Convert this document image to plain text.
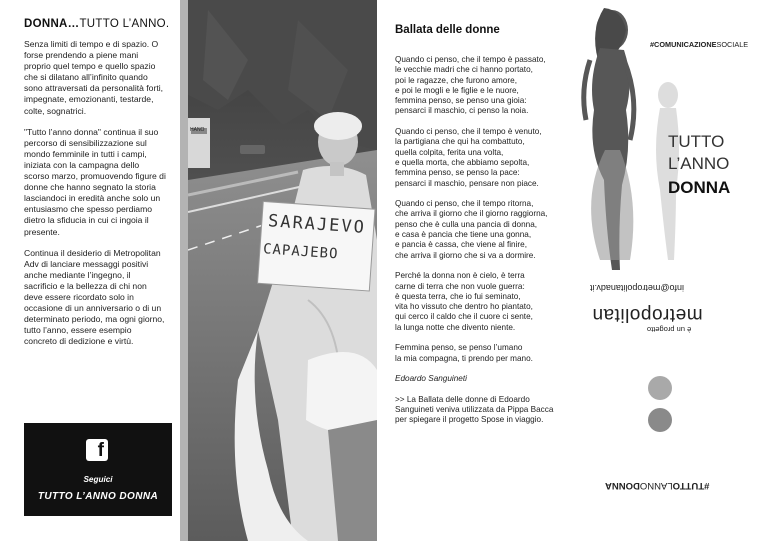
DONNA…TUTTO L’ANNO.

Senza limiti di tempo e di spazio. O forse prendendo a piene mani proprio quel tempo e quello spazio che si dilatano all’infinito quando sono attraversati da personalità forti, impegnate, emozionanti, testarde, colte, sognatrici.

"Tutto l’anno donna" continua il suo percorso di sensibilizzazione sul mondo femminile in tutti i campi, iniziata con la campagna dello scorso marzo, promuovendo figure di donne che hanno segnato la storia lasciandoci in eredità anche solo un entusiasmo che spesso perdiamo dietro la sfiducia in cui ci ingoia il presente.

Continua il desiderio di Metropolitan Adv di lanciare messaggi positivi anche mediante l’ingegno, il sacrificio e la bellezza di chi non deve essere ricordato solo in occasione di un anniversario o di un determinato periodo, ma ogni giorno, tutto l’anno, essere esempio concreto di dedizione e virtù.

f
Seguici
TUTTO L’ANNO DONNA
HANO
SARAJEVO
CAPAJEBO
Ballata delle donne

Quando ci penso, che il tempo è passato,
le vecchie madri che ci hanno portato,
poi le ragazze, che furono amore,
e poi le mogli e le figlie e le nuore,
femmina penso, se penso una gioia:
pensarci il maschio, ci penso la noia.

Quando ci penso, che il tempo è venuto,
la partigiana che qui ha combattuto,
quella colpita, ferita una volta,
e quella morta, che abbiamo sepolta,
femmina penso, se penso la pace:
pensarci il maschio, pensare non piace.

Quando ci penso, che il tempo ritorna,
che arriva il giorno che il giorno raggiorna,
penso che è culla una pancia di donna,
e casa è pancia che tiene una gonna,
e pancia è cassa, che viene al finire,
che arriva il giorno che si va a dormire.

Perché la donna non è cielo, è terra
carne di terra che non vuole guerra:
è questa terra, che io fui seminato,
vita ho vissuto che dentro ho piantato,
qui cerco il caldo che il cuore ci sente,
la lunga notte che divento niente.

Femmina penso, se penso l’umano
la mia compagna, ti prendo per mano.

Edoardo Sanguineti

>> La Ballata delle donne di Edoardo Sanguineti veniva utilizzata da Pippa Bacca per spiegare il progetto Spose in viaggio.

#COMUNICAZIONESOCIALE
TUTTO
L’ANNO
DONNA
info@metropolitanadv.it
metropolitan
è un progetto
#TUTTOLANNODONNA
